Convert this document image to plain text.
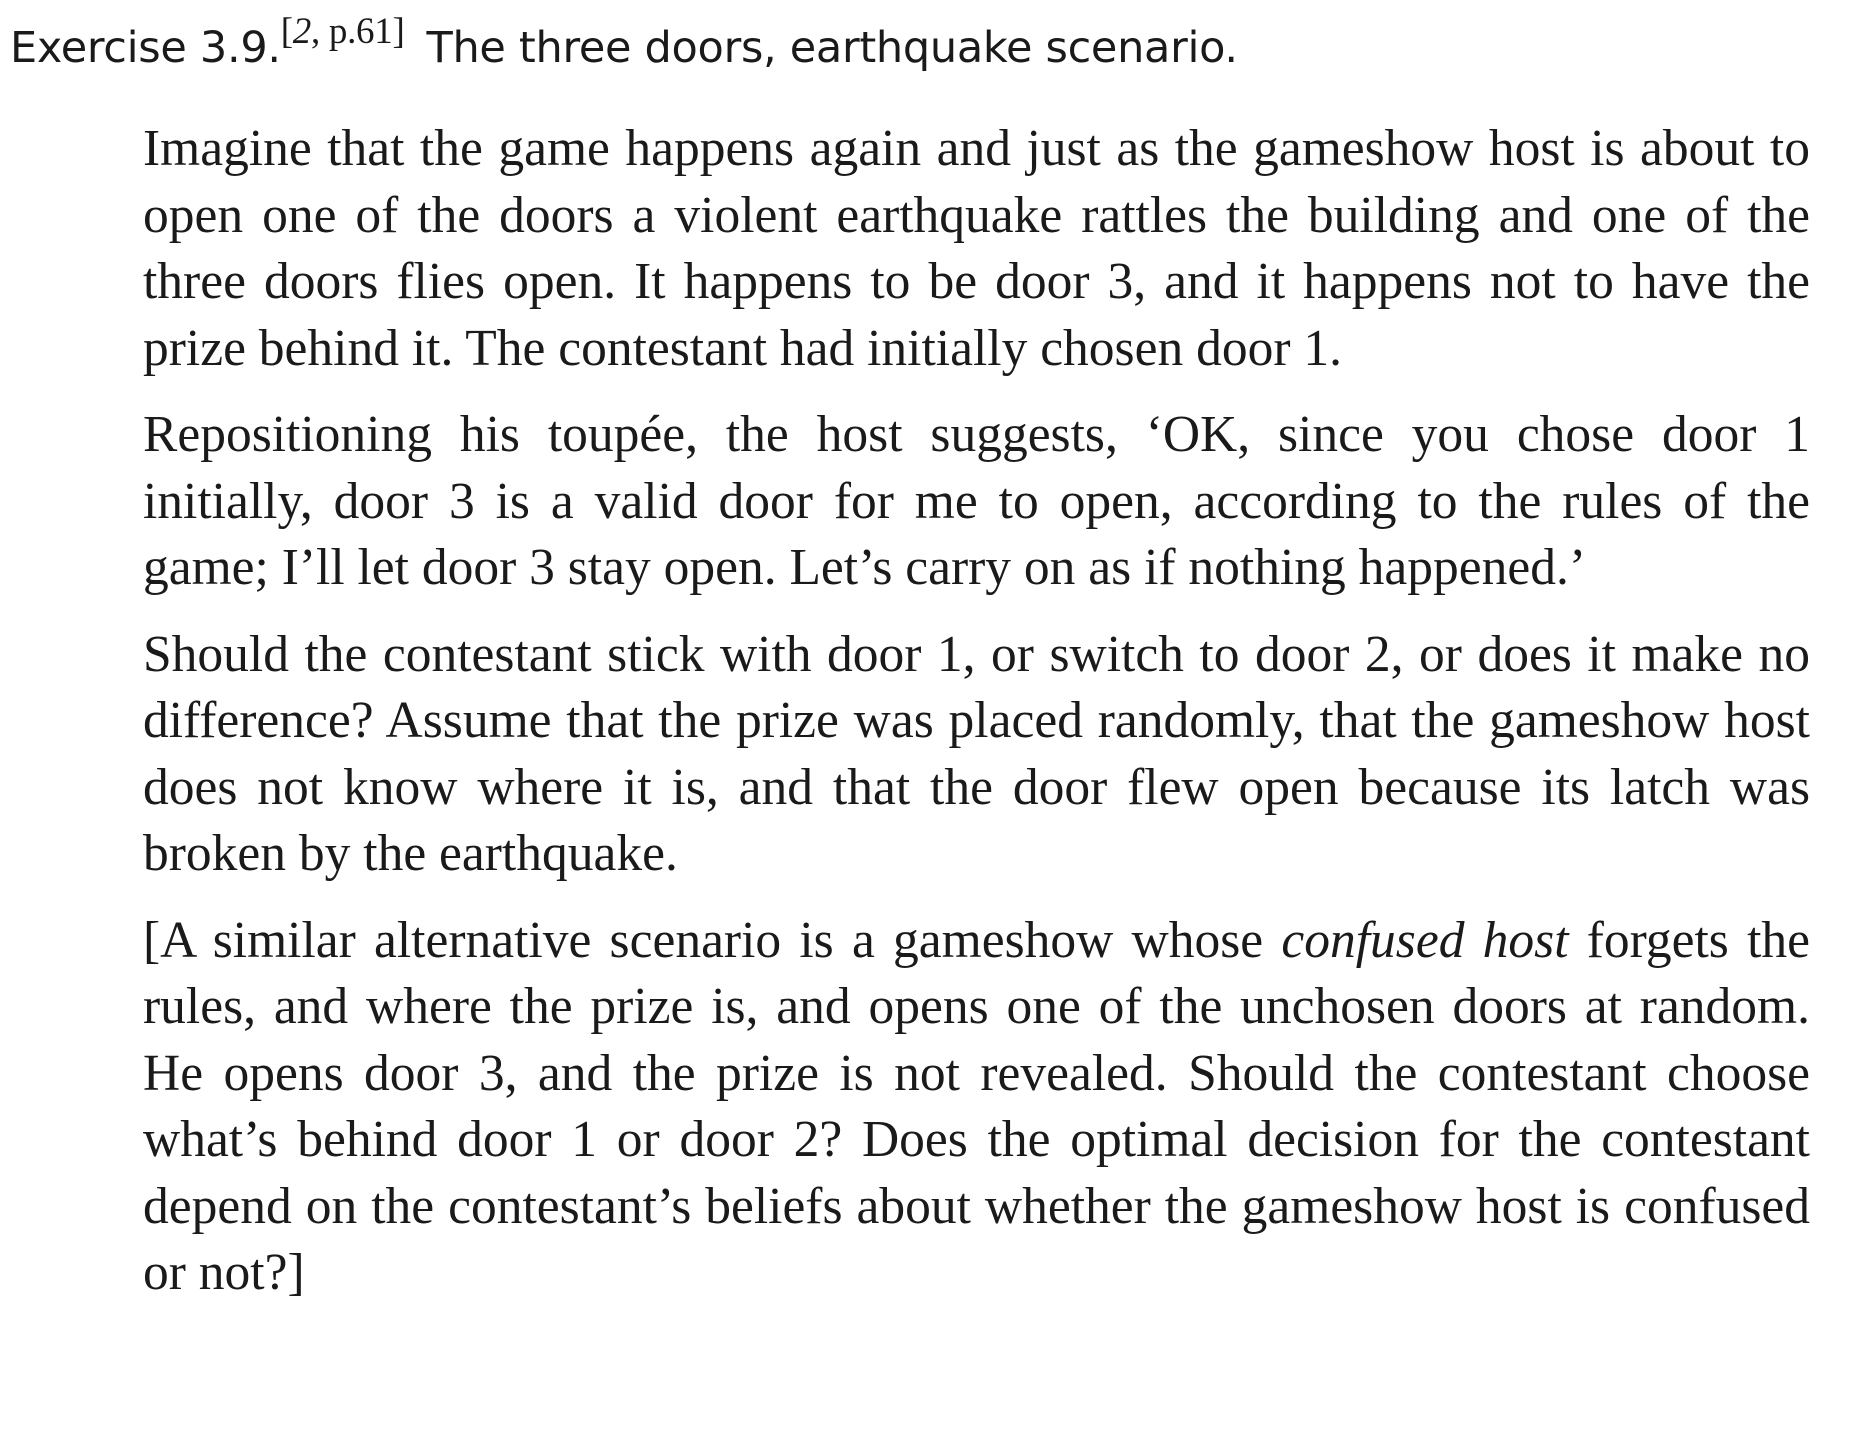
Exercise 3.9.[2, p.61] The three doors, earthquake scenario.

Imagine that the game happens again and just as the gameshow host is about to open one of the doors a violent earthquake rattles the building and one of the three doors flies open. It happens to be door 3, and it happens not to have the prize behind it. The contestant had initially chosen door 1.

Repositioning his toupée, the host suggests, ‘OK, since you chose door 1 initially, door 3 is a valid door for me to open, according to the rules of the game; I’ll let door 3 stay open. Let’s carry on as if nothing happened.’

Should the contestant stick with door 1, or switch to door 2, or does it make no difference? Assume that the prize was placed randomly, that the gameshow host does not know where it is, and that the door flew open because its latch was broken by the earthquake.

[A similar alternative scenario is a gameshow whose confused host forgets the rules, and where the prize is, and opens one of the unchosen doors at random. He opens door 3, and the prize is not revealed. Should the contestant choose what’s behind door 1 or door 2? Does the optimal decision for the contestant depend on the contestant’s beliefs about whether the gameshow host is confused or not?]
